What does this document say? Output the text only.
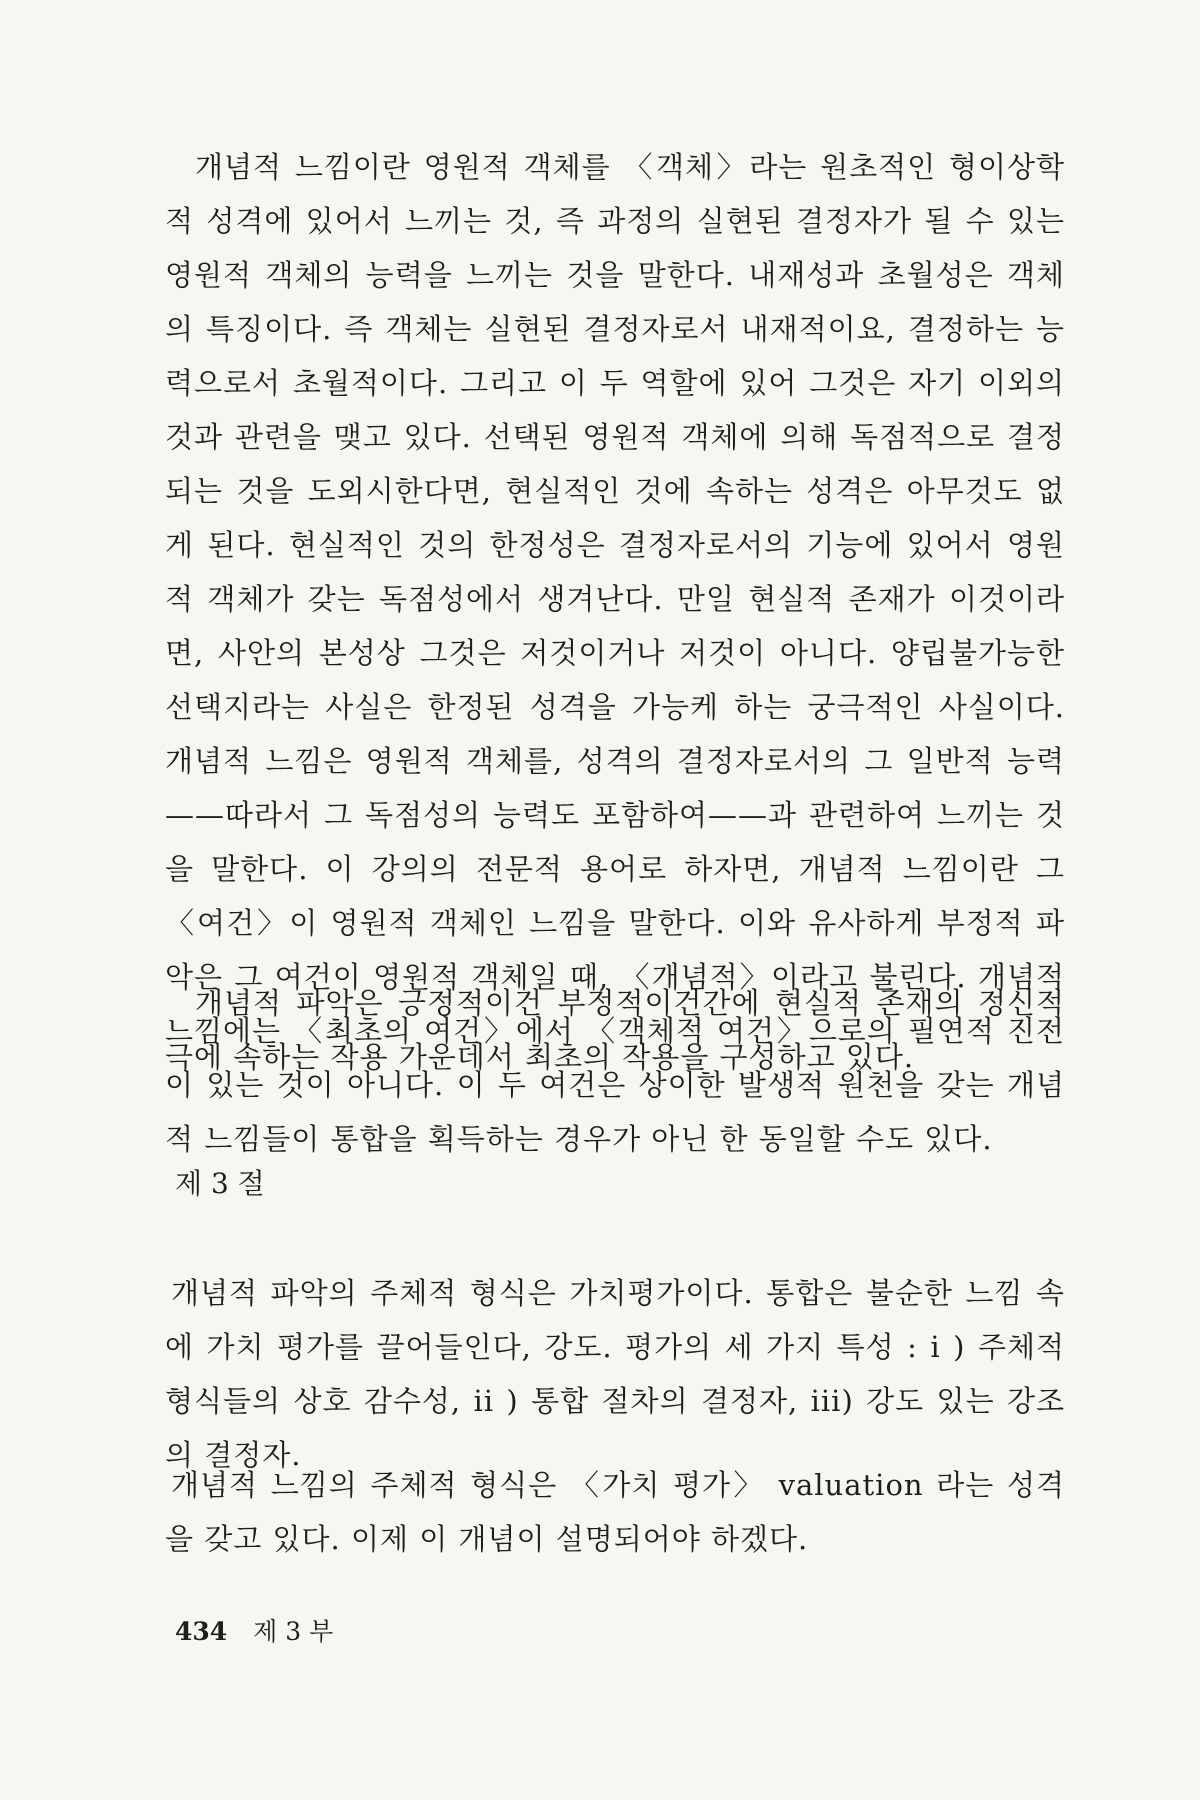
개념적 느낌이란 영원적 객체를 〈객체〉라는 원초적인 형이상학적 성격에 있어서 느끼는 것, 즉 과정의 실현된 결정자가 될 수 있는 영원적 객체의 능력을 느끼는 것을 말한다. 내재성과 초월성은 객체의 특징이다. 즉 객체는 실현된 결정자로서 내재적이요, 결정하는 능력으로서 초월적이다. 그리고 이 두 역할에 있어 그것은 자기 이외의 것과 관련을 맺고 있다. 선택된 영원적 객체에 의해 독점적으로 결정되는 것을 도외시한다면, 현실적인 것에 속하는 성격은 아무것도 없게 된다. 현실적인 것의 한정성은 결정자로서의 기능에 있어서 영원적 객체가 갖는 독점성에서 생겨난다. 만일 현실적 존재가 이것이라면, 사안의 본성상 그것은 저것이거나 저것이 아니다. 양립불가능한 선택지라는 사실은 한정된 성격을 가능케 하는 궁극적인 사실이다. 개념적 느낌은 영원적 객체를, 성격의 결정자로서의 그 일반적 능력——따라서 그 독점성의 능력도 포함하여——과 관련하여 느끼는 것을 말한다. 이 강의의 전문적 용어로 하자면, 개념적 느낌이란 그 〈여건〉이 영원적 객체인 느낌을 말한다. 이와 유사하게 부정적 파악은 그 여건이 영원적 객체일 때, 〈개념적〉이라고 불린다. 개념적 느낌에는 〈최초의 여건〉에서 〈객체적 여건〉으로의 필연적 진전이 있는 것이 아니다. 이 두 여건은 상이한 발생적 원천을 갖는 개념적 느낌들이 통합을 획득하는 경우가 아닌 한 동일할 수도 있다.

개념적 파악은 긍정적이건 부정적이건간에 현실적 존재의 정신적 극에 속하는 작용 가운데서 최초의 작용을 구성하고 있다.

제 3 절

개념적 파악의 주체적 형식은 가치평가이다. 통합은 불순한 느낌 속에 가치 평가를 끌어들인다, 강도. 평가의 세 가지 특성 : i ) 주체적 형식들의 상호 감수성, ii ) 통합 절차의 결정자, iii) 강도 있는 강조의 결정자.

개념적 느낌의 주체적 형식은 〈가치 평가〉 valuation 라는 성격을 갖고 있다. 이제 이 개념이 설명되어야 하겠다.

434 제 3 부
